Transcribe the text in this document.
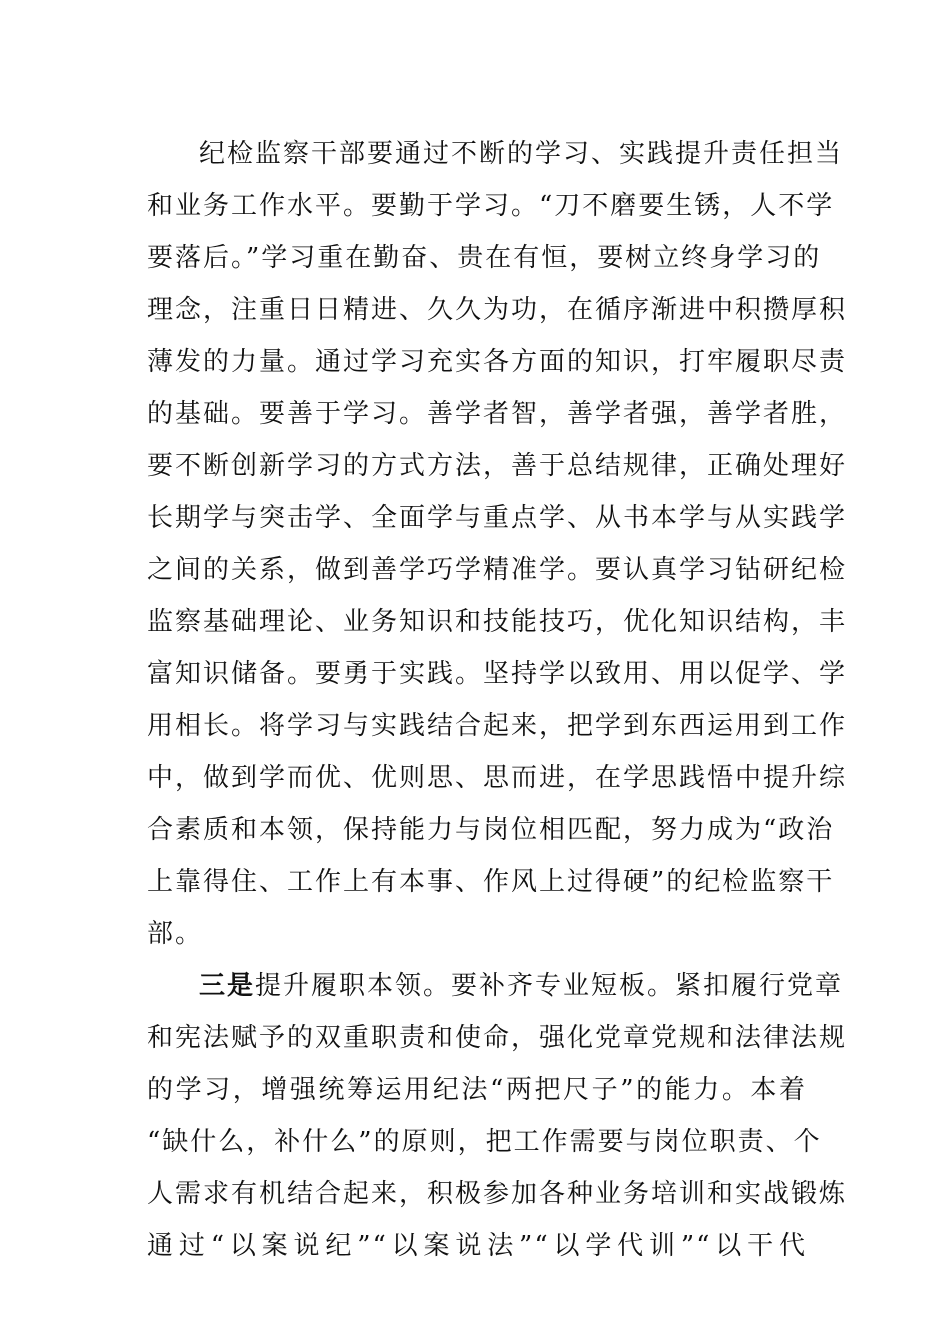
纪检监察干部要通过不断的学习、实践提升责任担当
和业务工作水平。要勤于学习。“刀不磨要生锈，人不学
要落后。”学习重在勤奋、贵在有恒，要树立终身学习的
理念，注重日日精进、久久为功，在循序渐进中积攒厚积
薄发的力量。通过学习充实各方面的知识，打牢履职尽责
的基础。要善于学习。善学者智，善学者强，善学者胜，
要不断创新学习的方式方法，善于总结规律，正确处理好
长期学与突击学、全面学与重点学、从书本学与从实践学
之间的关系，做到善学巧学精准学。要认真学习钻研纪检
监察基础理论、业务知识和技能技巧，优化知识结构，丰
富知识储备。要勇于实践。坚持学以致用、用以促学、学
用相长。将学习与实践结合起来，把学到东西运用到工作
中，做到学而优、优则思、思而进，在学思践悟中提升综
合素质和本领，保持能力与岗位相匹配，努力成为“政治
上靠得住、工作上有本事、作风上过得硬”的纪检监察干
部。
三是提升履职本领。要补齐专业短板。紧扣履行党章
和宪法赋予的双重职责和使命，强化党章党规和法律法规
的学习，增强统筹运用纪法“两把尺子”的能力。本着
“缺什么，补什么”的原则，把工作需要与岗位职责、个
人需求有机结合起来，积极参加各种业务培训和实战锻炼
通过“以案说纪”“以案说法”“以学代训”“以干代
